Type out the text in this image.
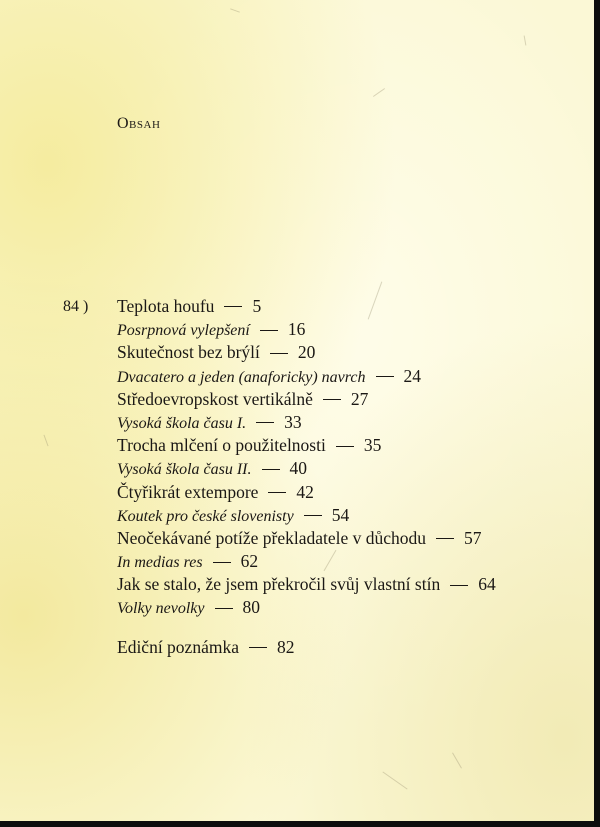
Obsah
84 ) Teplota houfu 5
Posrpnová vylepšení 16
Skutečnost bez brýlí 20
Dvacatero a jeden (anaforicky) navrch 24
Středoevropskost vertikálně 27
Vysoká škola času I. 33
Trocha mlčení o použitelnosti 35
Vysoká škola času II. 40
Čtyřikrát extempore 42
Koutek pro české slovenisty 54
Neočekávané potíže překladatele v důchodu 57
In medias res 62
Jak se stalo, že jsem překročil svůj vlastní stín 64
Volky nevolky 80
Ediční poznámka 82
